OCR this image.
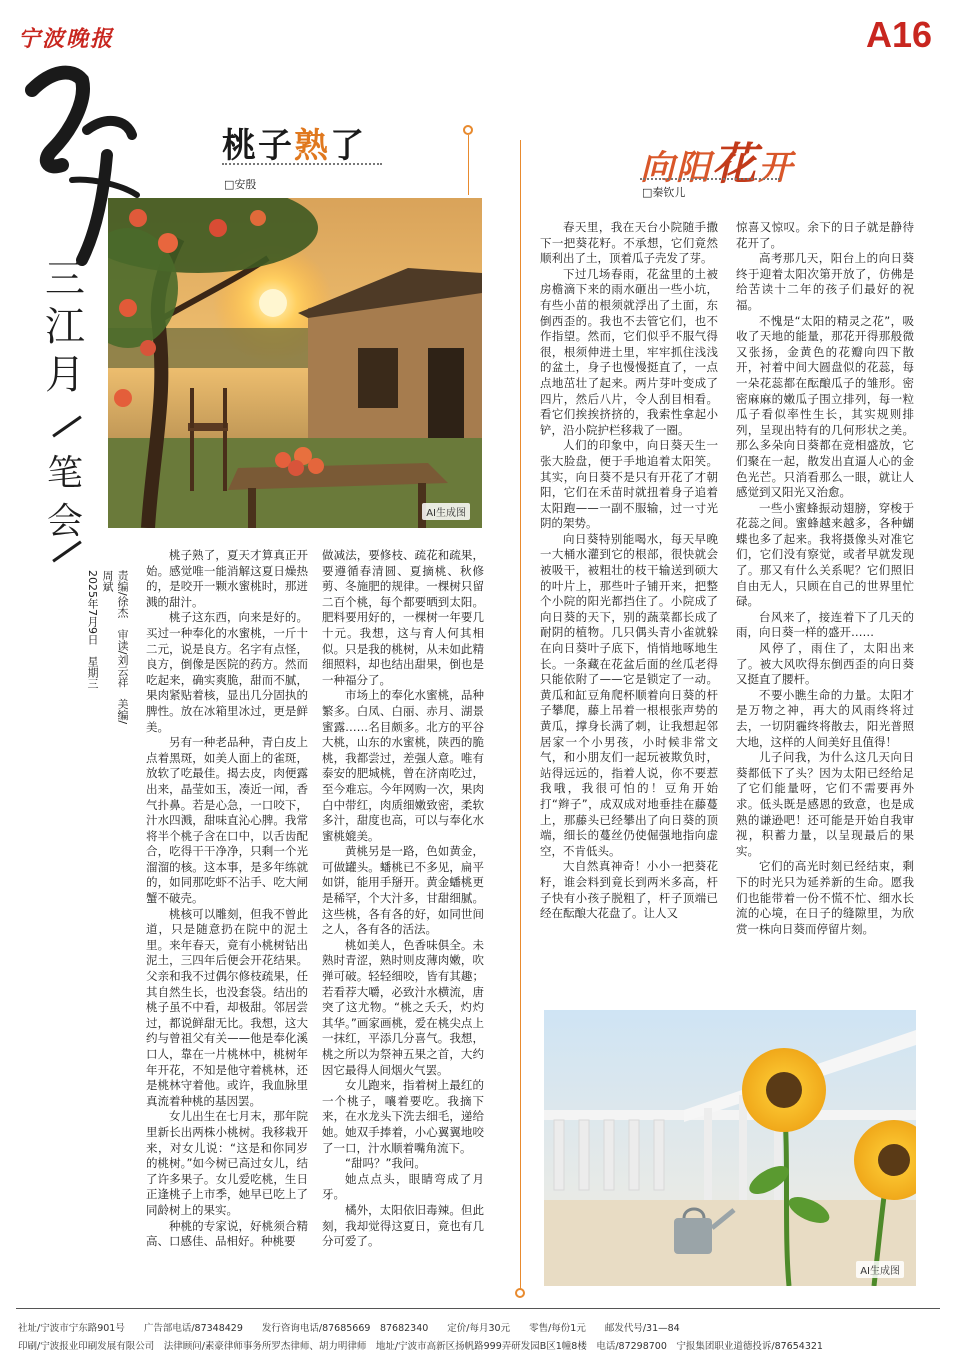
宁波晚报	A16
三
江
月
笔
会
责编/徐杰　审读/刘云祥　美编/周斌
2025年7月9日　星期三
桃子熟了
□安殷
AI生成图

桃子熟了，夏天才算真正开始。感觉唯一能消解这夏日燥热的，是咬开一颗水蜜桃时，那迸溅的甜汁。

桃子这东西，向来是好的。买过一种奉化的水蜜桃，一斤十二元，说是良方。名字有点怪，良方，倒像是医院的药方。然而吃起来，确实爽脆，甜而不腻，果肉紧贴着核，显出几分固执的脾性。放在冰箱里冰过，更是鲜美。

另有一种老品种，青白皮上点着黑斑，如美人面上的雀斑，放软了吃最佳。揭去皮，肉便露出来，晶莹如玉，凑近一闻，香气扑鼻。若是心急，一口咬下，汁水四溅，甜味直沁心脾。我常将半个桃子含在口中，以舌齿配合，吃得干干净净，只剩一个光溜溜的核。这本事，是多年练就的，如同那吃虾不沾手、吃大闸蟹不破壳。

桃核可以雕刻，但我不曾此道，只是随意扔在院中的泥土里。来年春天，竟有小桃树钻出泥土，三四年后便会开花结果。父亲和我不过偶尔修枝疏果，任其自然生长，也没套袋。结出的桃子虽不中看，却极甜。邻居尝过，都说鲜甜无比。我想，这大约与曾祖父有关——他是奉化溪口人，靠在一片桃林中，桃树年年开花，不知是他守着桃林，还是桃林守着他。或许，我血脉里真流着种桃的基因罢。

女儿出生在七月末，那年院里新长出两株小桃树。我移栽开来，对女儿说：“这是和你同岁的桃树。”如今树已高过女儿，结了许多果子。女儿爱吃桃，生日正逢桃子上市季，她早已吃上了同龄树上的果实。

种桃的专家说，好桃须合精高、口感佳、品相好。种桃要

做减法，要修枝、疏花和疏果，要遵循春清圆、夏摘桃、秋修剪、冬施肥的规律。一棵树只留二百个桃，每个都要晒到太阳。肥料要用好的，一棵树一年要几十元。我想，这与育人何其相似。只是我的桃树，从未如此精细照料，却也结出甜果，倒也是一种福分了。

市场上的奉化水蜜桃，品种繁多。白凤、白丽、赤月、湖景蜜露……名目颇多。北方的平谷大桃，山东的水蜜桃，陕西的脆桃，我都尝过，差强人意。唯有泰安的肥城桃，曾在济南吃过，至今难忘。今年网购一次，果肉白中带红，肉质细嫩致密，柔软多汁，甜度也高，可以与奉化水蜜桃媲美。

黄桃另是一路，色如黄金，可做罐头。蟠桃已不多见，扁平如饼，能用手掰开。黄金蟠桃更是稀罕，个大汁多，甘甜细腻。这些桃，各有各的好，如同世间之人，各有各的活法。

桃如美人，色香味俱全。未熟时青涩，熟时则皮薄肉嫩，吹弹可破。轻轻细咬，皆有其趣；若看荐大嚼，必致汁水横流，唐突了这尤物。“桃之夭夭，灼灼其华。”画家画桃，爱在桃尖点上一抹红，平添几分喜气。我想，桃之所以为祭神五果之首，大约因它最得人间烟火气罢。

女儿跑来，指着树上最红的一个桃子，嚷着要吃。我摘下来，在水龙头下洗去细毛，递给她。她双手捧着，小心翼翼地咬了一口，汁水顺着嘴角流下。

“甜吗？”我问。

她点点头，眼睛弯成了月牙。

橘外，太阳依旧毒辣。但此刻，我却觉得这夏日，竟也有几分可爱了。

向阳花开
□秦钦儿

春天里，我在天台小院随手撒下一把葵花籽。不承想，它们竟然顺利出了土，顶着瓜子壳发了芽。

下过几场春雨，花盆里的土被房檐滴下来的雨水砸出一些小坑，有些小苗的根须就浮出了土面，东倒西歪的。我也不去管它们，也不作指望。然而，它们似乎不服气得很，根须伸进土里，牢牢抓住浅浅的盆土，身子也慢慢挺直了，一点点地茁壮了起来。两片芽叶变成了四片，然后八片，令人刮目相看。看它们挨挨挤挤的，我索性拿起小铲，沿小院护栏移栽了一圈。

人们的印象中，向日葵天生一张大脸盘，便于手地追着太阳笑。其实，向日葵不是只有开花了才朝阳，它们在禾苗时就扭着身子追着太阳跑——一副不服输，过一寸光阴的架势。

向日葵特别能喝水，每天早晚一大桶水灌到它的根部，很快就会被吸干，被粗壮的枝干输送到硕大的叶片上，那些叶子铺开来，把整个小院的阳光都挡住了。小院成了向日葵的天下，别的蔬菜都长成了耐阴的植物。几只偶头青小雀就躲在向日葵叶子底下，悄悄地啄地生长。一条藏在花盆后面的丝瓜老得只能依附了——它是锁定了一动。黄瓜和缸豆角爬杯顺着向日葵的杆子攀爬，藤上吊着一根根张声势的黄瓜，撑身长满了刺，让我想起邻居家一个小男孩，小时候非常文气，和小朋友们一起玩被欺负时，站得远远的，指着人说，你不要惹我哦，我很可怕的！豆角开始打“辫子”，成双成对地垂挂在藤蔓上，那藤头已经攀出了向日葵的顶端，细长的蔓丝仍使倔强地指向虚空，不肯低头。

大自然真神奇！小小一把葵花籽，谁会料到竟长到两米多高，杆子快有小孩子脱粗了，杆子顶端已经在酝酿大花盘了。让人又

惊喜又惊叹。余下的日子就是静待花开了。

高考那几天，阳台上的向日葵终于迎着太阳次第开放了，仿佛是给苦读十二年的孩子们最好的祝福。

不愧是“太阳的精灵之花”，吸收了天地的能量，那花开得那般微又张扬，金黄色的花瓣向四下散开，衬着中间大圆盘似的花蕊，每一朵花蕊都在酝酿瓜子的雏形。密密麻麻的嫩瓜子围立排列，每一粒瓜子看似率性生长，其实规则排列，呈现出特有的几何形状之美。那么多朵向日葵都在竞相盛放，它们聚在一起，散发出直逼人心的金色光芒。只消看那么一眼，就让人感觉到又阳光又治愈。

一些小蜜蜂振动翅膀，穿梭于花蕊之间。蜜蜂越来越多，各种蝴蝶也多了起来。我将摄像头对准它们，它们没有察觉，或者早就发现了。那又有什么关系呢？它们照旧自由无人，只顾在自己的世界里忙碌。

台风来了，接连着下了几天的雨，向日葵一样的盛开……

风停了，雨住了，太阳出来了。被大风吹得东倒西歪的向日葵又挺直了腰杆。

不要小瞧生命的力量。太阳才是万物之神，再大的风雨终将过去，一切阴霾终将散去，阳光普照大地，这样的人间美好且值得！

儿子问我，为什么这几天向日葵都低下了头？因为太阳已经给足了它们能量呀，它们不需要再外求。低头既是感恩的致意，也是成熟的谦逊吧！还可能是开始自我审视，积蓄力量，以呈现最后的果实。

它们的高光时刻已经结束，剩下的时光只为延养新的生命。愿我们也能带着一份不慌不忙、细水长流的心境，在日子的缝隙里，为欣赏一株向日葵而停留片刻。

AI生成图
社址/宁波市宁东路901号　　广告部电话/87348429　　发行咨询电话/87685669　87682340　　定价/每月30元　　零售/每份1元　　邮发代号/31—84
印刷/宁波报业印刷发展有限公司　法律顾问/素豪律师事务所罗杰律师、胡力明律师　地址/宁波市高新区扬帆路999弄研发园B区1幢8楼　电话/87298700　宁报集团职业道德投诉/87654321
